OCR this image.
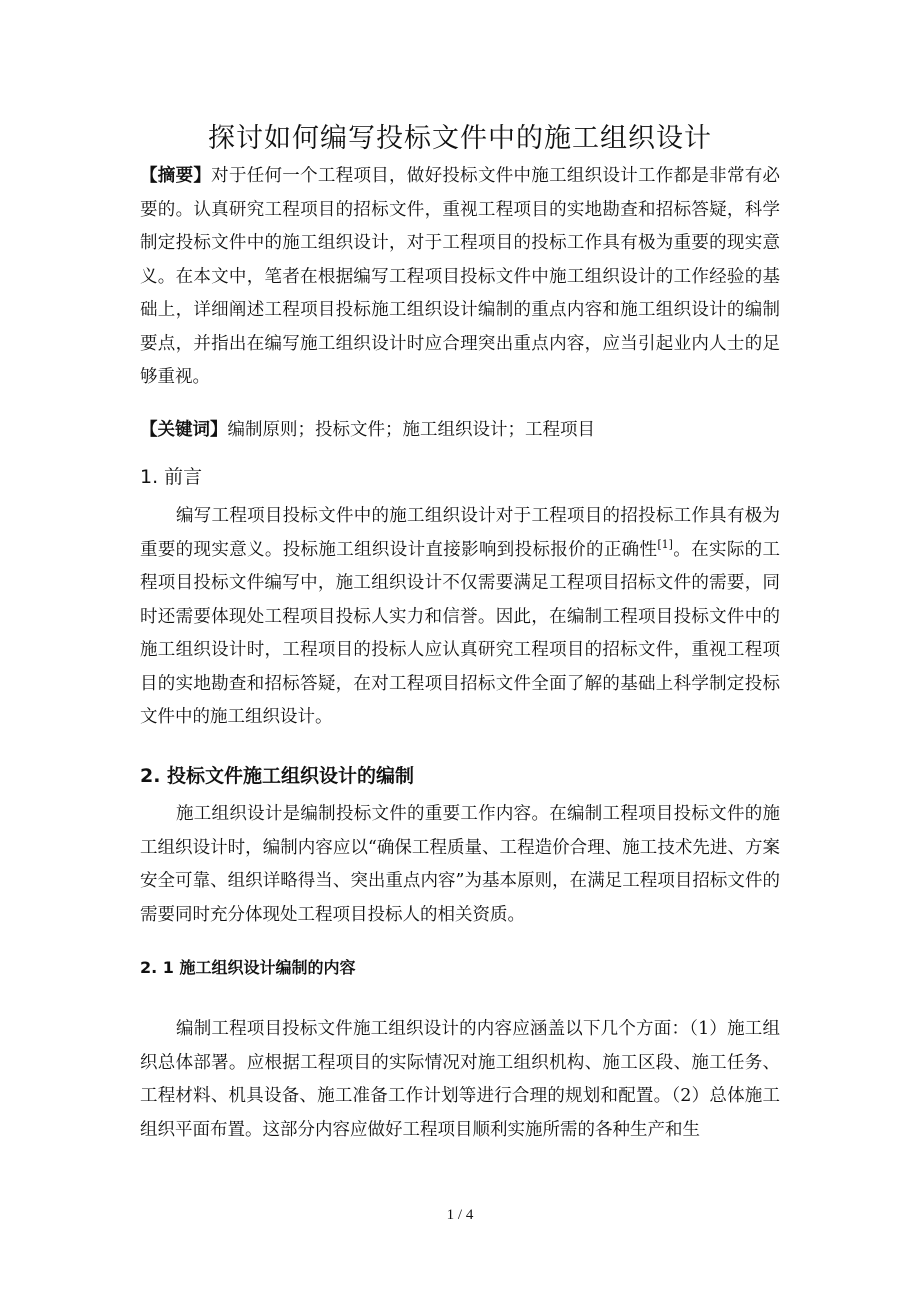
探讨如何编写投标文件中的施工组织设计
【摘要】对于任何一个工程项目，做好投标文件中施工组织设计工作都是非常有必要的。认真研究工程项目的招标文件，重视工程项目的实地勘查和招标答疑，科学制定投标文件中的施工组织设计，对于工程项目的投标工作具有极为重要的现实意义。在本文中，笔者在根据编写工程项目投标文件中施工组织设计的工作经验的基础上，详细阐述工程项目投标施工组织设计编制的重点内容和施工组织设计的编制要点，并指出在编写施工组织设计时应合理突出重点内容，应当引起业内人士的足够重视。
【关键词】编制原则；投标文件；施工组织设计；工程项目
1. 前言
编写工程项目投标文件中的施工组织设计对于工程项目的招投标工作具有极为重要的现实意义。投标施工组织设计直接影响到投标报价的正确性[1]。在实际的工程项目投标文件编写中，施工组织设计不仅需要满足工程项目招标文件的需要，同时还需要体现处工程项目投标人实力和信誉。因此，在编制工程项目投标文件中的施工组织设计时，工程项目的投标人应认真研究工程项目的招标文件，重视工程项目的实地勘查和招标答疑，在对工程项目招标文件全面了解的基础上科学制定投标文件中的施工组织设计。
2. 投标文件施工组织设计的编制
施工组织设计是编制投标文件的重要工作内容。在编制工程项目投标文件的施工组织设计时，编制内容应以“确保工程质量、工程造价合理、施工技术先进、方案安全可靠、组织详略得当、突出重点内容”为基本原则，在满足工程项目招标文件的需要同时充分体现处工程项目投标人的相关资质。
2. 1 施工组织设计编制的内容
编制工程项目投标文件施工组织设计的内容应涵盖以下几个方面：（1）施工组织总体部署。应根据工程项目的实际情况对施工组织机构、施工区段、施工任务、工程材料、机具设备、施工准备工作计划等进行合理的规划和配置。（2）总体施工组织平面布置。这部分内容应做好工程项目顺利实施所需的各种生产和生
1 / 4
